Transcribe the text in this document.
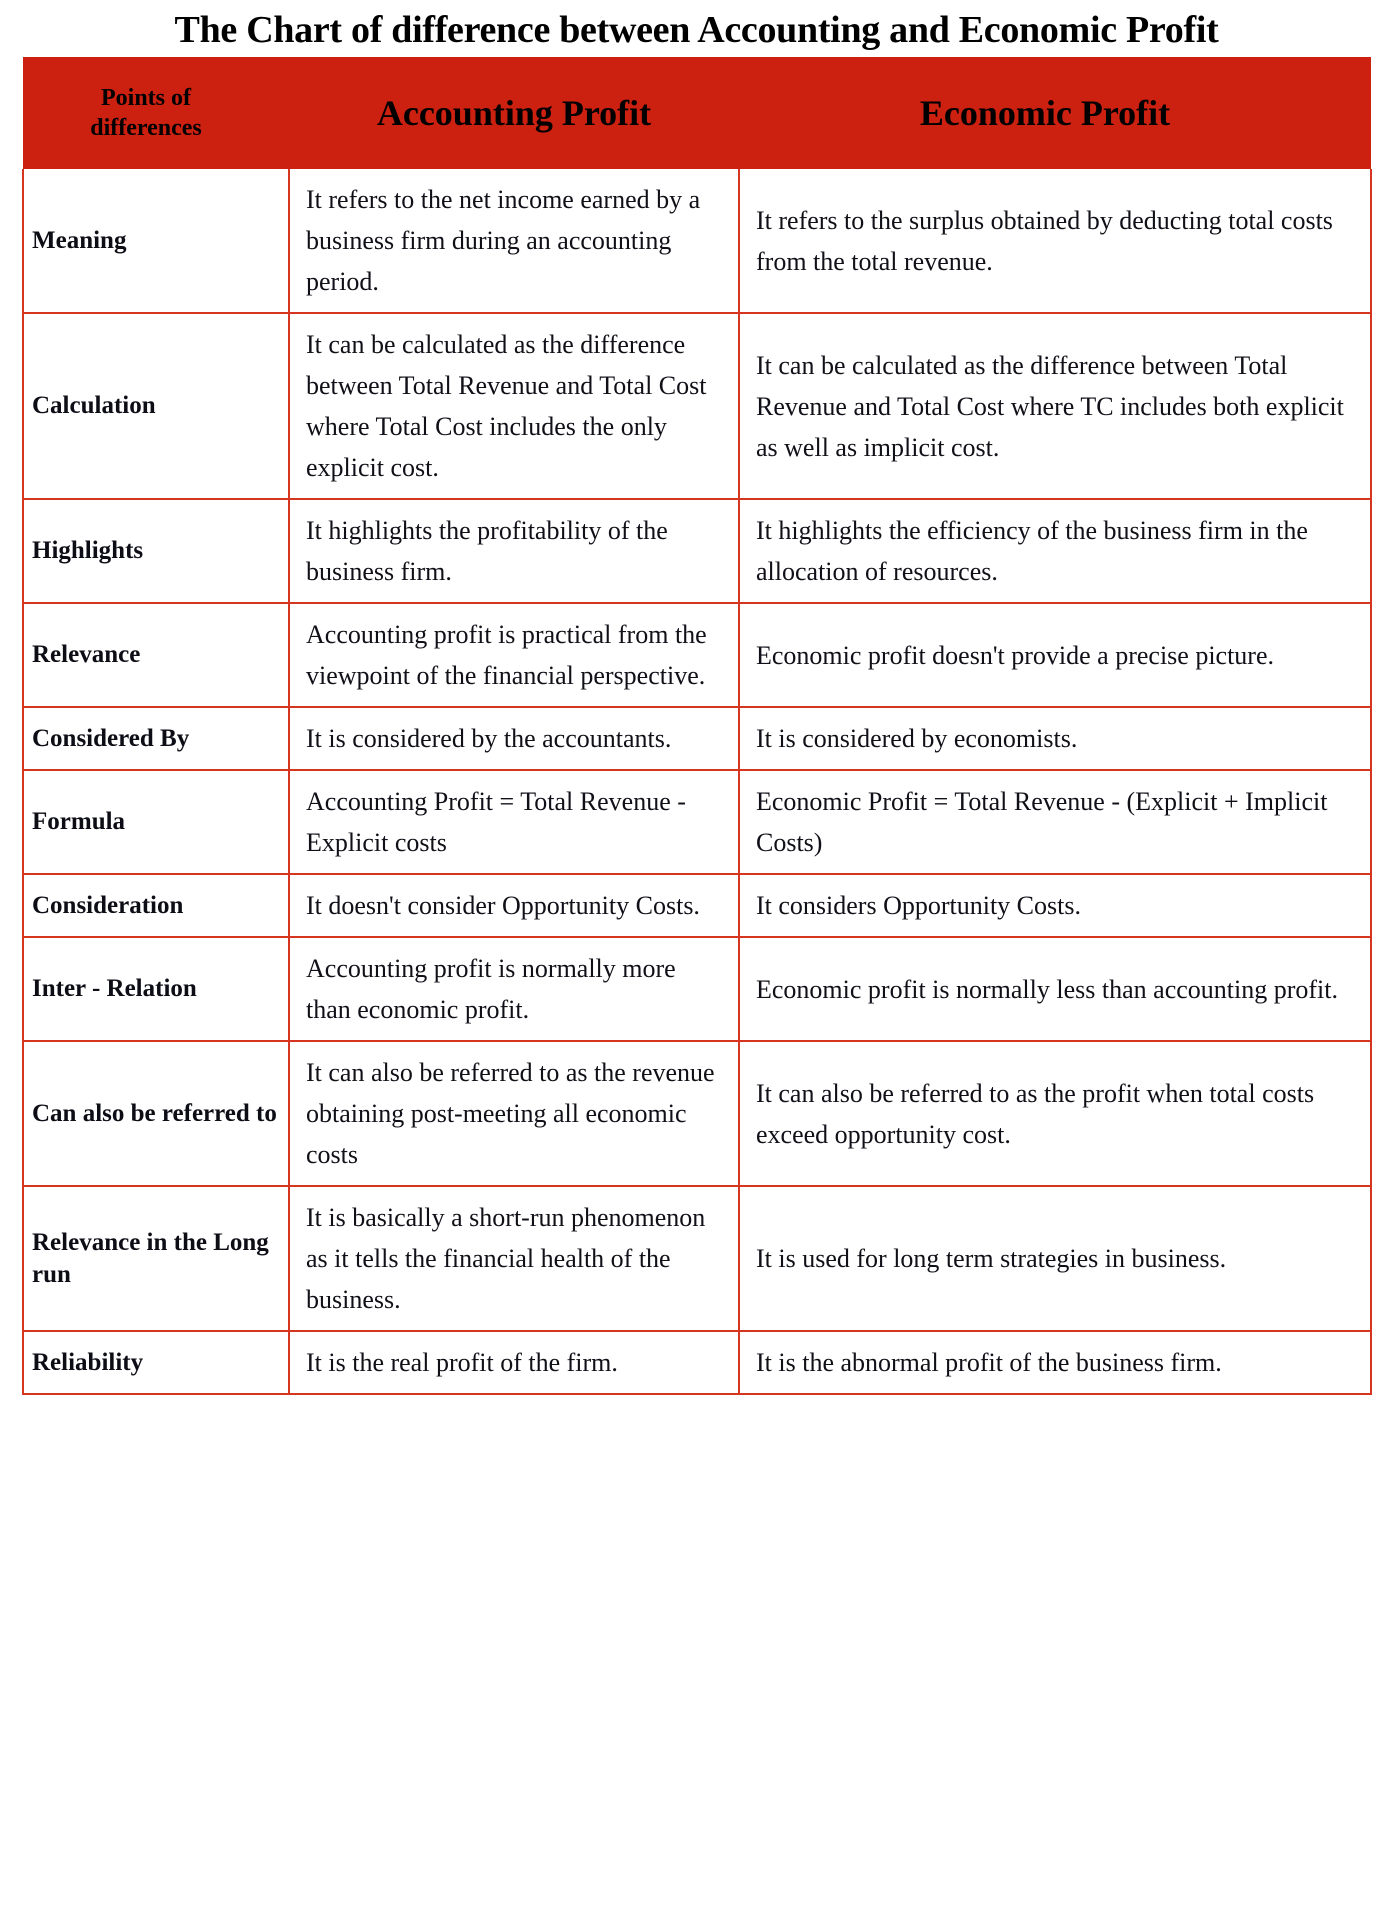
The Chart of difference between Accounting and Economic Profit
Points of
differences	Accounting Profit	Economic Profit
Meaning	It refers to the net income earned by a business firm during an accounting period.	It refers to the surplus obtained by deducting total costs from the total revenue.
Calculation	It can be calculated as the difference between Total Revenue and Total Cost where Total Cost includes the only explicit cost.	It can be calculated as the difference between Total Revenue and Total Cost where TC includes both explicit as well as implicit cost.
Highlights	It highlights the profitability of the business firm.	It highlights the efficiency of the business firm in the allocation of resources.
Relevance	Accounting profit is practical from the viewpoint of the financial perspective.	Economic profit doesn't provide a precise picture.
Considered By	It is considered by the accountants.	It is considered by economists.
Formula	Accounting Profit = Total Revenue - Explicit costs	Economic Profit = Total Revenue - (Explicit + Implicit Costs)
Consideration	It doesn't consider Opportunity Costs.	It considers Opportunity Costs.
Inter - Relation	Accounting profit is normally more than economic profit.	Economic profit is normally less than accounting profit.
Can also be referred to	It can also be referred to as the revenue obtaining post-meeting all economic costs	It can also be referred to as the profit when total costs exceed opportunity cost.
Relevance in the Long run	It is basically a short-run phenomenon as it tells the financial health of the business.	It is used for long term strategies in business.
Reliability	It is the real profit of the firm.	It is the abnormal profit of the business firm.
